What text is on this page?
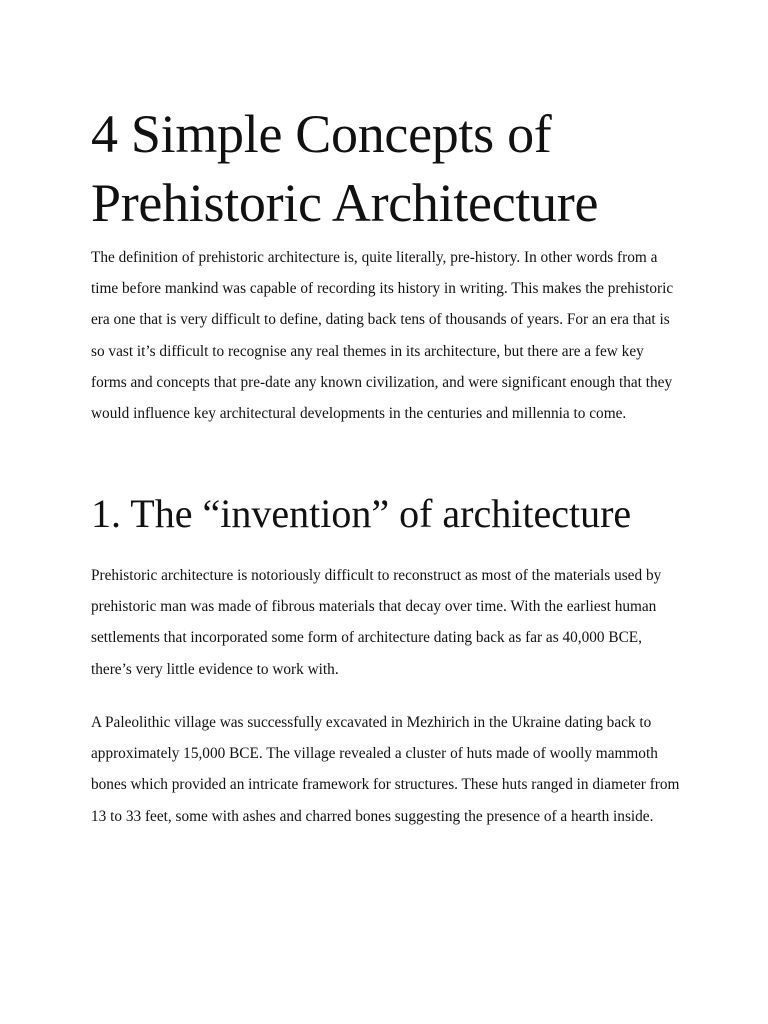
4 Simple Concepts of Prehistoric Architecture

The definition of prehistoric architecture is, quite literally, pre-history. In other words from a time before mankind was capable of recording its history in writing. This makes the prehistoric era one that is very difficult to define, dating back tens of thousands of years. For an era that is so vast it’s difficult to recognise any real themes in its architecture, but there are a few key forms and concepts that pre-date any known civilization, and were significant enough that they would influence key architectural developments in the centuries and millennia to come.

1. The “invention” of architecture

Prehistoric architecture is notoriously difficult to reconstruct as most of the materials used by prehistoric man was made of fibrous materials that decay over time. With the earliest human settlements that incorporated some form of architecture dating back as far as 40,000 BCE, there’s very little evidence to work with.

A Paleolithic village was successfully excavated in Mezhirich in the Ukraine dating back to approximately 15,000 BCE. The village revealed a cluster of huts made of woolly mammoth bones which provided an intricate framework for structures. These huts ranged in diameter from 13 to 33 feet, some with ashes and charred bones suggesting the presence of a hearth inside.
